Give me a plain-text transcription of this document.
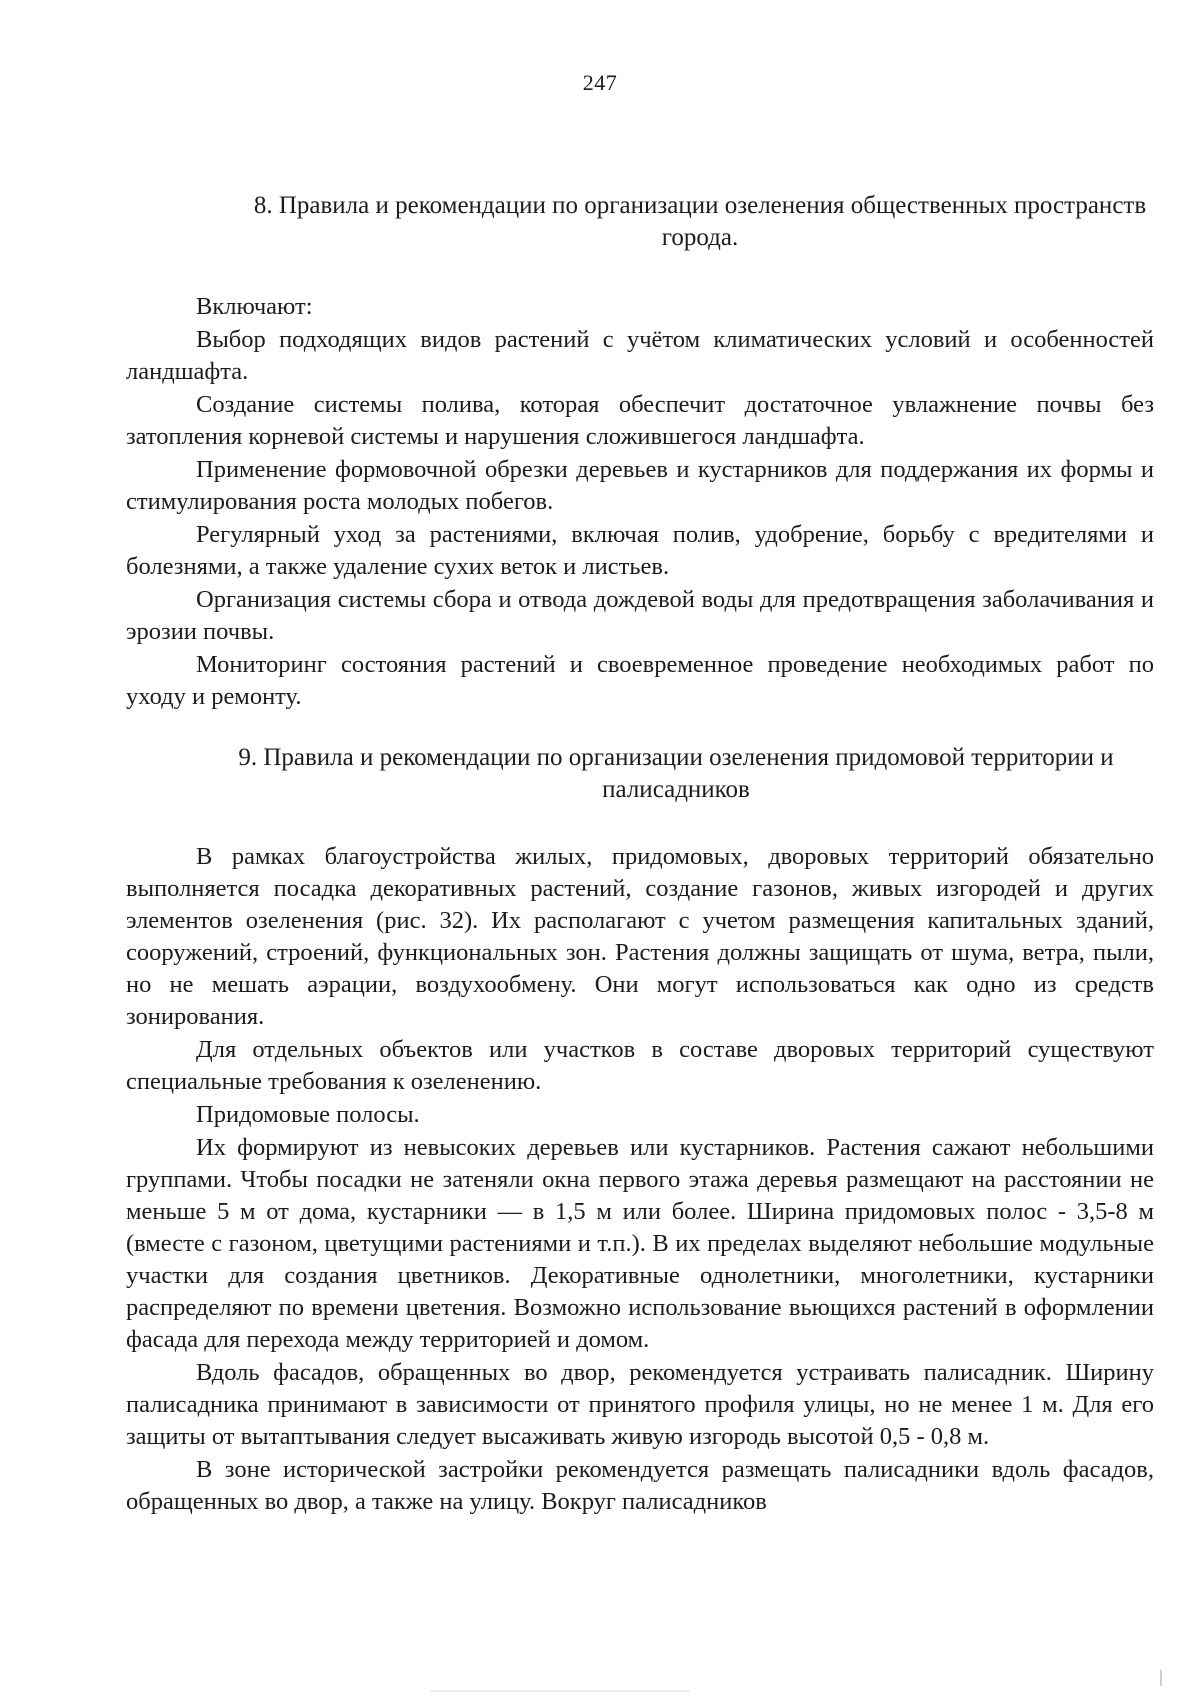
247
8. Правила и рекомендации по организации озеленения общественных пространств города.

Включают:

Выбор подходящих видов растений с учётом климатических условий и особенностей ландшафта.

Создание системы полива, которая обеспечит достаточное увлажнение почвы без затопления корневой системы и нарушения сложившегося ландшафта.

Применение формовочной обрезки деревьев и кустарников для поддержания их формы и стимулирования роста молодых побегов.

Регулярный уход за растениями, включая полив, удобрение, борьбу с вредителями и болезнями, а также удаление сухих веток и листьев.

Организация системы сбора и отвода дождевой воды для предотвращения заболачивания и эрозии почвы.

Мониторинг состояния растений и своевременное проведение необходимых работ по уходу и ремонту.

9. Правила и рекомендации по организации озеленения придомовой территории и палисадников

В рамках благоустройства жилых, придомовых, дворовых территорий обязательно выполняется посадка декоративных растений, создание газонов, живых изгородей и других элементов озеленения (рис. 32). Их располагают с учетом размещения капитальных зданий, сооружений, строений, функциональных зон. Растения должны защищать от шума, ветра, пыли, но не мешать аэрации, воздухообмену. Они могут использоваться как одно из средств зонирования.

Для отдельных объектов или участков в составе дворовых территорий существуют специальные требования к озеленению.

Придомовые полосы.

Их формируют из невысоких деревьев или кустарников. Растения сажают небольшими группами. Чтобы посадки не затеняли окна первого этажа деревья размещают на расстоянии не меньше 5 м от дома, кустарники — в 1,5 м или более. Ширина придомовых полос - 3,5-8 м (вместе с газоном, цветущими растениями и т.п.). В их пределах выделяют небольшие модульные участки для создания цветников. Декоративные однолетники, многолетники, кустарники распределяют по времени цветения. Возможно использование вьющихся растений в оформлении фасада для перехода между территорией и домом.

Вдоль фасадов, обращенных во двор, рекомендуется устраивать палисадник. Ширину палисадника принимают в зависимости от принятого профиля улицы, но не менее 1 м. Для его защиты от вытаптывания следует высаживать живую изгородь высотой 0,5 - 0,8 м.

В зоне исторической застройки рекомендуется размещать палисадники вдоль фасадов, обращенных во двор, а также на улицу. Вокруг палисадников
